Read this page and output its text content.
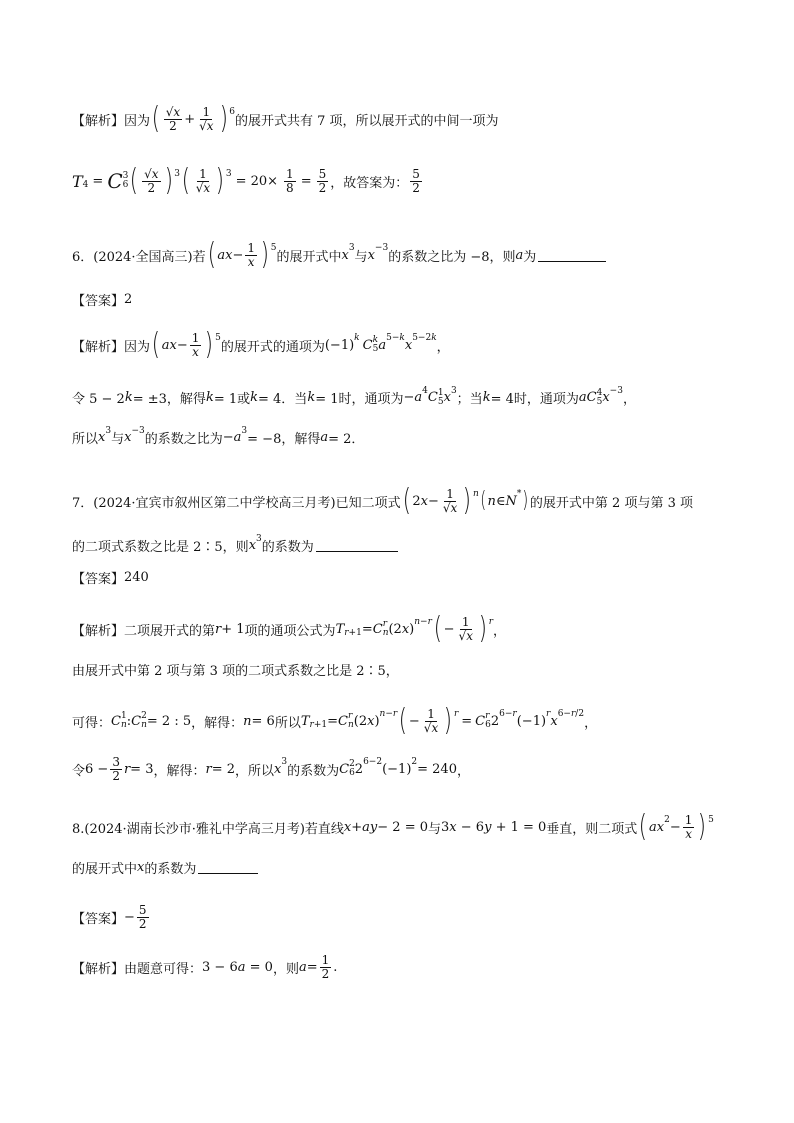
【解析】 因为 ( $\frac{√x}{2} + \frac{1}{√x}$ ) 6
的展开式共有 7 项，所以展开式的中间一项为
T 4 = C 3
6 ( $\frac{√x}{2}$ ) 3 ( $\frac{1}{√x}$ ) $3 = 20\times \frac{1}{8} = \frac{5}{2}$ ，故答案为： $\frac{5}{2}$
6．(2024·全国高三)若 ( ax − $\frac{1}{x}$ ) 5
的展开式中 x 3
与 x −3
的系数之比为 −8，则 a 为
【答案】 2
【解析】 因为 ( ax − $\frac{1}{x}$ ) 5
的展开式的通项为 (−1) k C k
5 a 5−k x 5−2k
，
令 5 − 2 k = ±3，解得 k = 1或 k = 4．当 k = 1时，通项为 − a 4 C 1
5 x 3
；当 k = 4时，通项为 aC 4
5 x −3
，
所以 x 3
与 x −3
的系数之比为 − a 3
= −8，解得 a = 2．
7．(2024·宜宾市叙州区第二中学校高三月考)已知二项式 ( $2x- \frac{1}{√x}$ ) n ( n ∈ N * ) 的展开式中第 2 项与第 3 项
的二项式系数之比是 2∶5，则 x 3
的系数为
【答案】 240
【解析】 二项展开式的第 r + 1 项的通项公式为 T r+1 = C r
n (2x) n−r ( − $\frac{1}{√x}$ ) r
，
由展开式中第 2 项与第 3 项的二项式系数之比是 2∶5，
可得： C 1
n : C 2
n = 2 : 5 ，解得： n = 6 所以 T r+1 = C r
n (2x) n−r ( − $\frac{1}{√x}$ ) r = C r
6 2 6−r (−1) r x 6−r/2
，
令 $6 - \frac{3}{2}$ r = 3 ，解得： r = 2 ，所以 x 3
的系数为 C 2
6 2 6−2 (−1) 2 = 240 ，
8.(2024·湖南长沙市·雅礼中学高三月考)若直线 x + ay − 2 = 0 与 3x − 6y + 1 = 0 垂直，则二项式 ( ax $2 - \frac{1}{x}$ ) 5
的展开式中 x 的系数为
【答案】 − $\frac{5}{2}$
【解析】 由题意可得： 3 − 6a = 0 ，则 $a = \frac{1}{2}$ .
